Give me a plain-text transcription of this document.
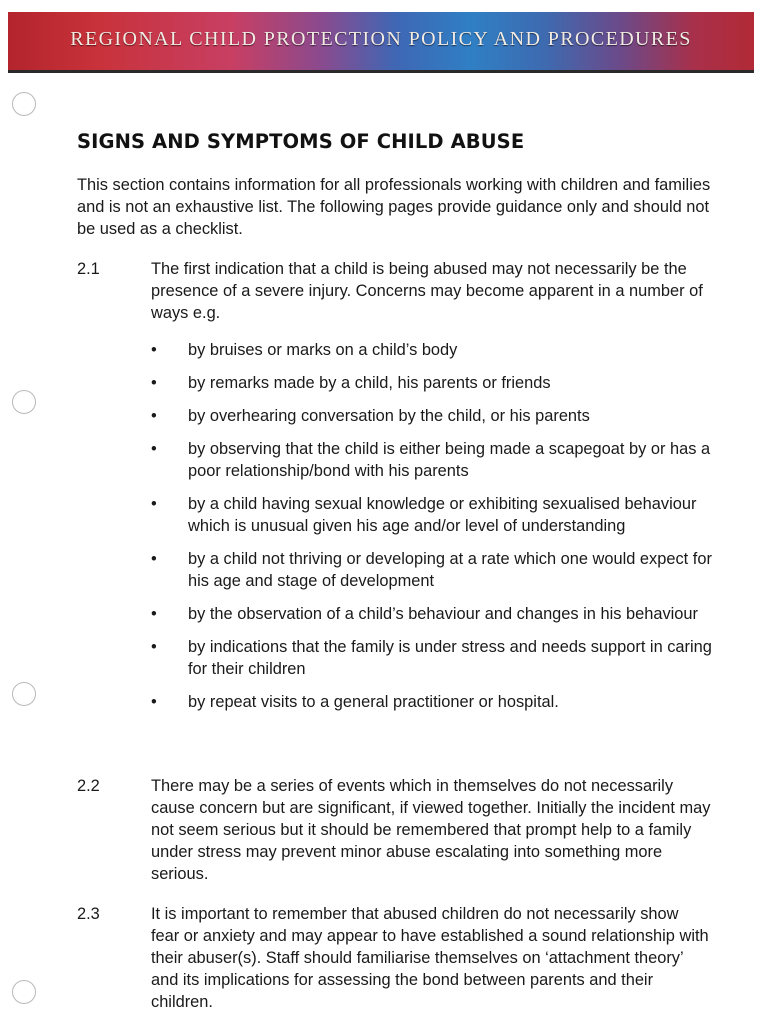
REGIONAL CHILD PROTECTION POLICY AND PROCEDURES
SIGNS AND SYMPTOMS OF CHILD ABUSE

This section contains information for all professionals working with children and families and is not an exhaustive list. The following pages provide guidance only and should not be used as a checklist.

2.1	The first indication that a child is being abused may not necessarily be the presence of a severe injury. Concerns may become apparent in a number of ways e.g.

• by bruises or marks on a child’s body
• by remarks made by a child, his parents or friends
• by overhearing conversation by the child, or his parents
• by observing that the child is either being made a scapegoat by or has a poor relationship/bond with his parents
• by a child having sexual knowledge or exhibiting sexualised behaviour which is unusual given his age and/or level of understanding
• by a child not thriving or developing at a rate which one would expect for his age and stage of development
• by the observation of a child’s behaviour and changes in his behaviour
• by indications that the family is under stress and needs support in caring for their children
• by repeat visits to a general practitioner or hospital.
2.2	There may be a series of events which in themselves do not necessarily cause concern but are significant, if viewed together. Initially the incident may not seem serious but it should be remembered that prompt help to a family under stress may prevent minor abuse escalating into something more serious.

2.3	It is important to remember that abused children do not necessarily show fear or anxiety and may appear to have established a sound relationship with their abuser(s). Staff should familiarise themselves on ‘attachment theory’ and its implications for assessing the bond between parents and their children.
